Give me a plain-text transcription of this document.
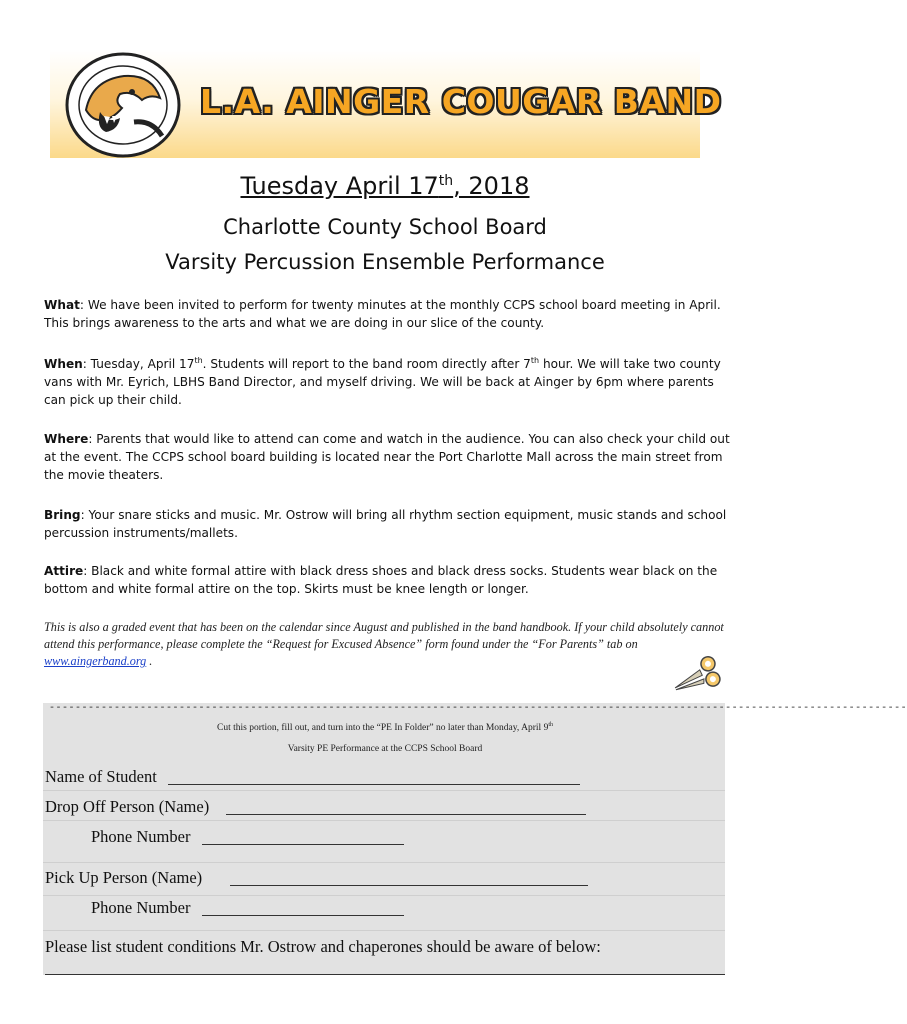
L.A. AINGER COUGAR BAND
Tuesday April 17th, 2018
Charlotte County School Board
Varsity Percussion Ensemble Performance
What: We have been invited to perform for twenty minutes at the monthly CCPS school board meeting in April. This brings awareness to the arts and what we are doing in our slice of the county.
When: Tuesday, April 17th. Students will report to the band room directly after 7th hour. We will take two county vans with Mr. Eyrich, LBHS Band Director, and myself driving. We will be back at Ainger by 6pm where parents can pick up their child.
Where: Parents that would like to attend can come and watch in the audience. You can also check your child out at the event. The CCPS school board building is located near the Port Charlotte Mall across the main street from the movie theaters.
Bring: Your snare sticks and music. Mr. Ostrow will bring all rhythm section equipment, music stands and school percussion instruments/mallets.
Attire: Black and white formal attire with black dress shoes and black dress socks. Students wear black on the bottom and white formal attire on the top. Skirts must be knee length or longer.
This is also a graded event that has been on the calendar since August and published in the band handbook. If your child absolutely cannot attend this performance, please complete the “Request for Excused Absence” form found under the “For Parents” tab on www.aingerband.org .
------------------------------------------------------------------------------------------------------------------------------------
Cut this portion, fill out, and turn into the “PE In Folder” no later than Monday, April 9th
Varsity PE Performance at the CCPS School Board
Name of Student
Drop Off Person (Name)
Phone Number
Pick Up Person (Name)
Phone Number
Please list student conditions Mr. Ostrow and chaperones should be aware of below:
